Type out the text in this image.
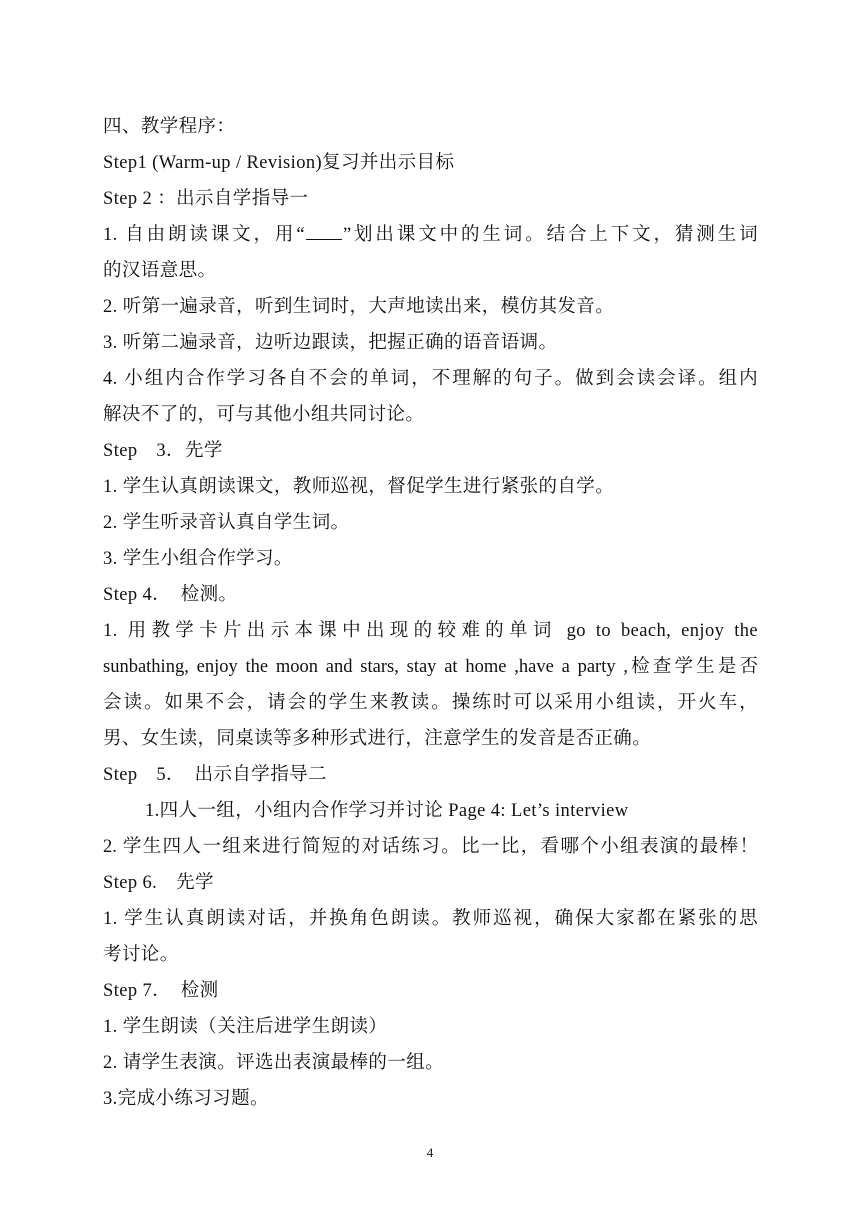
四、教学程序：
Step1 (Warm-up / Revision)复习并出示目标
Step 2 ：出示自学指导一
1. 自由朗读课文，用“ ”划出课文中的生词。结合上下文，猜测生词
的汉语意思。
2. 听第一遍录音，听到生词时，大声地读出来，模仿其发音。
3. 听第二遍录音，边听边跟读，把握正确的语音语调。
4. 小组内合作学习各自不会的单词，不理解的句子。做到会读会译。组内
解决不了的，可与其他小组共同讨论。
Step　3．先学
1. 学生认真朗读课文，教师巡视，督促学生进行紧张的自学。
2. 学生听录音认真自学生词。
3. 学生小组合作学习。
Step 4．　检测。
1. 用教学卡片出示本课中出现的较难的单词 go to beach, enjoy the
sunbathing, enjoy the moon and stars, stay at home ,have a party ,检查学生是否
会读。如果不会，请会的学生来教读。操练时可以采用小组读，开火车，
男、女生读，同桌读等多种形式进行，注意学生的发音是否正确。
Step　5．　出示自学指导二
1.四人一组，小组内合作学习并讨论 Page 4: Let’s interview
2. 学生四人一组来进行简短的对话练习。比一比，看哪个小组表演的最棒！
Step 6.　先学
1. 学生认真朗读对话，并换角色朗读。教师巡视，确保大家都在紧张的思
考讨论。
Step 7．　检测
1. 学生朗读（关注后进学生朗读）
2. 请学生表演。评选出表演最棒的一组。
3.完成小练习习题。
4
